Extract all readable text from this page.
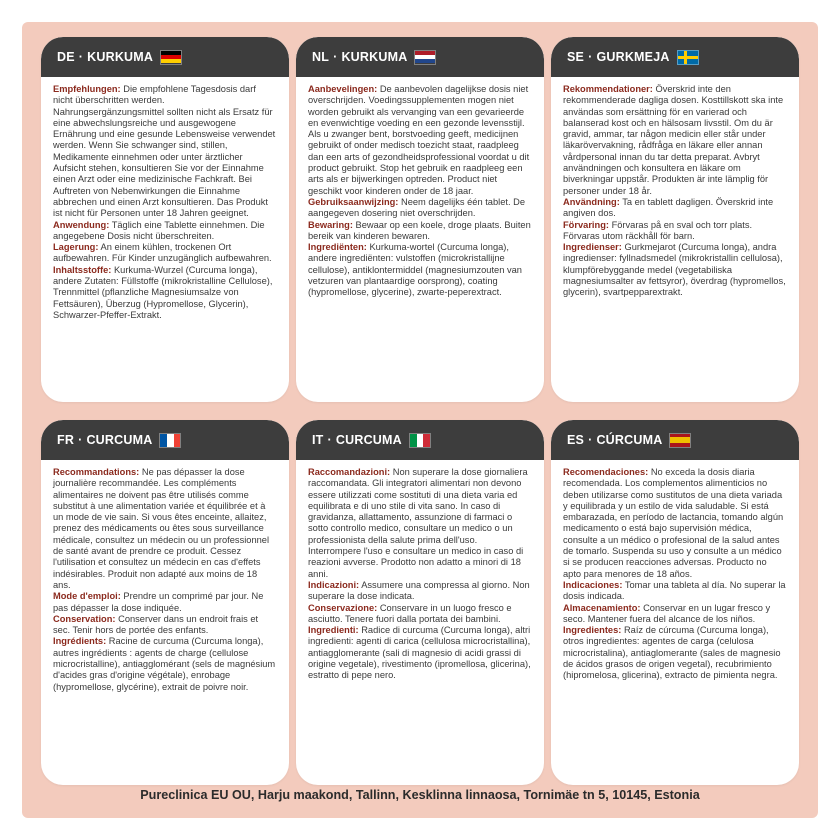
DE · KURKUMA

Empfehlungen: Die empfohlene Tagesdosis darf nicht überschritten werden. Nahrungsergänzungsmittel sollten nicht als Ersatz für eine abwechslungsreiche und ausgewogene Ernährung und eine gesunde Lebensweise verwendet werden. Wenn Sie schwanger sind, stillen, Medikamente einnehmen oder unter ärztlicher Aufsicht stehen, konsultieren Sie vor der Einnahme einen Arzt oder eine medizinische Fachkraft. Bei Auftreten von Nebenwirkungen die Einnahme abbrechen und einen Arzt konsultieren. Das Produkt ist nicht für Personen unter 18 Jahren geeignet.

Anwendung: Täglich eine Tablette einnehmen. Die angegebene Dosis nicht überschreiten.

Lagerung: An einem kühlen, trockenen Ort aufbewahren. Für Kinder unzugänglich aufbewahren.

Inhaltsstoffe: Kurkuma-Wurzel (Curcuma longa), andere Zutaten: Füllstoffe (mikrokristalline Cellulose), Trennmittel (pflanzliche Magnesiumsalze von Fettsäuren), Überzug (Hypromellose, Glycerin), Schwarzer-Pfeffer-Extrakt.

NL · KURKUMA

Aanbevelingen: De aanbevolen dagelijkse dosis niet overschrijden. Voedingssupplementen mogen niet worden gebruikt als vervanging van een gevarieerde en evenwichtige voeding en een gezonde levensstijl. Als u zwanger bent, borstvoeding geeft, medicijnen gebruikt of onder medisch toezicht staat, raadpleeg dan een arts of gezondheidsprofessional voordat u dit product gebruikt. Stop het gebruik en raadpleeg een arts als er bijwerkingen optreden. Product niet geschikt voor kinderen onder de 18 jaar.

Gebruiksaanwijzing: Neem dagelijks één tablet. De aangegeven dosering niet overschrijden.

Bewaring: Bewaar op een koele, droge plaats. Buiten bereik van kinderen bewaren.

Ingrediënten: Kurkuma-wortel (Curcuma longa), andere ingrediënten: vulstoffen (microkristallijne cellulose), antiklontermiddel (magnesiumzouten van vetzuren van plantaardige oorsprong), coating (hypromellose, glycerine), zwarte-peperextract.

SE · GURKMEJA

Rekommendationer: Överskrid inte den rekommenderade dagliga dosen. Kosttillskott ska inte användas som ersättning för en varierad och balanserad kost och en hälsosam livsstil. Om du är gravid, ammar, tar någon medicin eller står under läkarövervakning, rådfråga en läkare eller annan vårdpersonal innan du tar detta preparat. Avbryt användningen och konsultera en läkare om biverkningar uppstår. Produkten är inte lämplig för personer under 18 år.

Användning: Ta en tablett dagligen. Överskrid inte angiven dos.

Förvaring: Förvaras på en sval och torr plats. Förvaras utom räckhåll för barn.

Ingredienser: Gurkmejarot (Curcuma longa), andra ingredienser: fyllnadsmedel (mikrokristallin cellulosa), klumpförebyggande medel (vegetabiliska magnesiumsalter av fettsyror), överdrag (hypromellos, glycerin), svartpepparextrakt.

FR · CURCUMA

Recommandations: Ne pas dépasser la dose journalière recommandée. Les compléments alimentaires ne doivent pas être utilisés comme substitut à une alimentation variée et équilibrée et à un mode de vie sain. Si vous êtes enceinte, allaitez, prenez des médicaments ou êtes sous surveillance médicale, consultez un médecin ou un professionnel de santé avant de prendre ce produit. Cessez l'utilisation et consultez un médecin en cas d'effets indésirables. Produit non adapté aux moins de 18 ans.

Mode d'emploi: Prendre un comprimé par jour. Ne pas dépasser la dose indiquée.

Conservation: Conserver dans un endroit frais et sec. Tenir hors de portée des enfants.

Ingrédients: Racine de curcuma (Curcuma longa), autres ingrédients : agents de charge (cellulose microcristalline), antiagglomérant (sels de magnésium d'acides gras d'origine végétale), enrobage (hypromellose, glycérine), extrait de poivre noir.

IT · CURCUMA

Raccomandazioni: Non superare la dose giornaliera raccomandata. Gli integratori alimentari non devono essere utilizzati come sostituti di una dieta varia ed equilibrata e di uno stile di vita sano. In caso di gravidanza, allattamento, assunzione di farmaci o sotto controllo medico, consultare un medico o un professionista della salute prima dell'uso. Interrompere l'uso e consultare un medico in caso di reazioni avverse. Prodotto non adatto a minori di 18 anni.

Indicazioni: Assumere una compressa al giorno. Non superare la dose indicata.

Conservazione: Conservare in un luogo fresco e asciutto. Tenere fuori dalla portata dei bambini.

Ingredienti: Radice di curcuma (Curcuma longa), altri ingredienti: agenti di carica (cellulosa microcristallina), antiagglomerante (sali di magnesio di acidi grassi di origine vegetale), rivestimento (ipromellosa, glicerina), estratto di pepe nero.

ES · CÚRCUMA

Recomendaciones: No exceda la dosis diaria recomendada. Los complementos alimenticios no deben utilizarse como sustitutos de una dieta variada y equilibrada y un estilo de vida saludable. Si está embarazada, en período de lactancia, tomando algún medicamento o está bajo supervisión médica, consulte a un médico o profesional de la salud antes de tomarlo. Suspenda su uso y consulte a un médico si se producen reacciones adversas. Producto no apto para menores de 18 años.

Indicaciones: Tomar una tableta al día. No superar la dosis indicada.

Almacenamiento: Conservar en un lugar fresco y seco. Mantener fuera del alcance de los niños.

Ingredientes: Raíz de cúrcuma (Curcuma longa), otros ingredientes: agentes de carga (celulosa microcristalina), antiaglomerante (sales de magnesio de ácidos grasos de origen vegetal), recubrimiento (hipromelosa, glicerina), extracto de pimienta negra.

Pureclinica EU OU, Harju maakond, Tallinn, Kesklinna linnaosa, Tornimäe tn 5, 10145, Estonia
